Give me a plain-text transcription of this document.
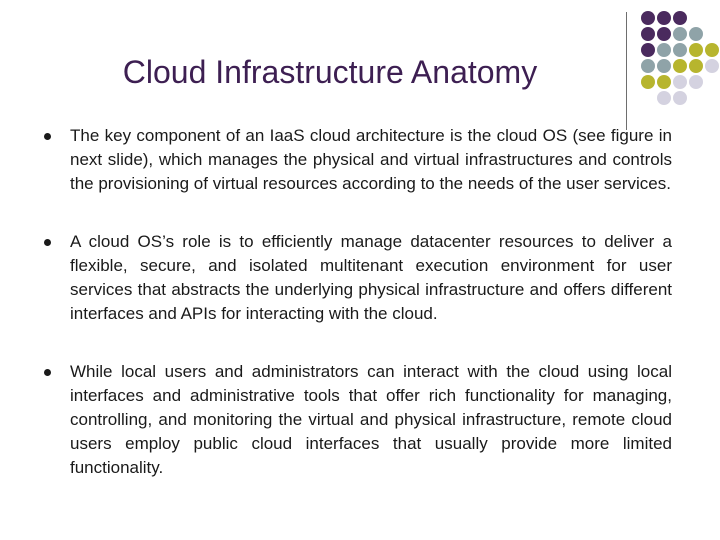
Cloud Infrastructure Anatomy
The key component of an IaaS cloud architecture is the cloud OS (see figure in next slide), which manages the physical and virtual infrastructures and controls the provisioning of virtual resources according to the needs of the user services.
A cloud OS’s role is to efficiently manage datacenter resources to deliver a flexible, secure, and isolated multitenant execution environment for user services that abstracts the underlying physical infrastructure and offers different interfaces and APIs for interacting with the cloud.
While local users and administrators can interact with the cloud using local interfaces and administrative tools that offer rich functionality for managing, controlling, and monitoring the virtual and physical infrastructure, remote cloud users employ public cloud interfaces that usually provide more limited functionality.
